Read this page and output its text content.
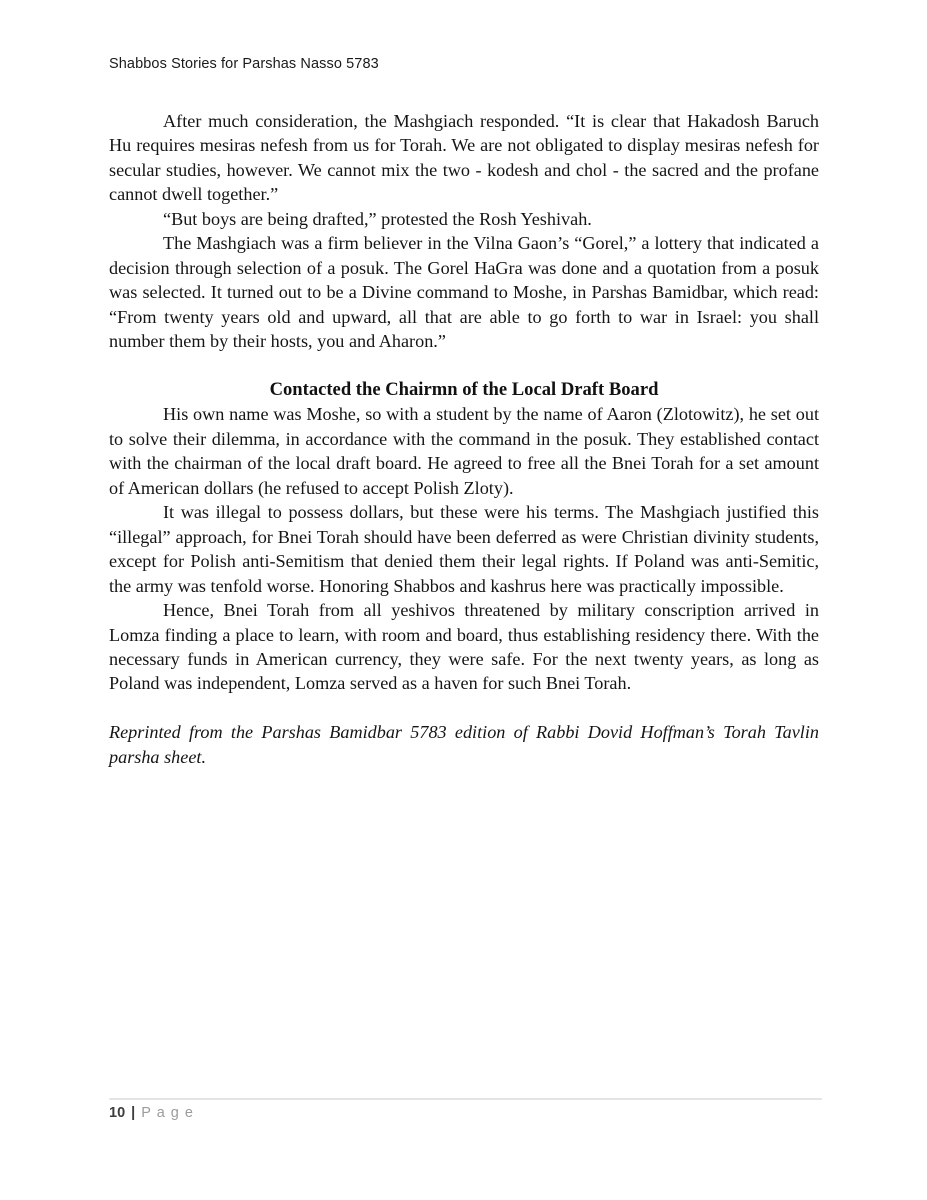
Shabbos Stories for Parshas Nasso 5783

After much consideration, the Mashgiach responded. “It is clear that Hakadosh Baruch Hu requires mesiras nefesh from us for Torah. We are not obligated to display mesiras nefesh for secular studies, however. We cannot mix the two - kodesh and chol - the sacred and the profane cannot dwell together.”

“But boys are being drafted,” protested the Rosh Yeshivah.

The Mashgiach was a firm believer in the Vilna Gaon’s “Gorel,” a lottery that indicated a decision through selection of a posuk. The Gorel HaGra was done and a quotation from a posuk was selected. It turned out to be a Divine command to Moshe, in Parshas Bamidbar, which read: “From twenty years old and upward, all that are able to go forth to war in Israel: you shall number them by their hosts, you and Aharon.”

Contacted the Chairmn of the Local Draft Board

His own name was Moshe, so with a student by the name of Aaron (Zlotowitz), he set out to solve their dilemma, in accordance with the command in the posuk. They established contact with the chairman of the local draft board. He agreed to free all the Bnei Torah for a set amount of American dollars (he refused to accept Polish Zloty).

It was illegal to possess dollars, but these were his terms. The Mashgiach justified this “illegal” approach, for Bnei Torah should have been deferred as were Christian divinity students, except for Polish anti-Semitism that denied them their legal rights. If Poland was anti-Semitic, the army was tenfold worse. Honoring Shabbos and kashrus here was practically impossible.

Hence, Bnei Torah from all yeshivos threatened by military conscription arrived in Lomza finding a place to learn, with room and board, thus establishing residency there. With the necessary funds in American currency, they were safe. For the next twenty years, as long as Poland was independent, Lomza served as a haven for such Bnei Torah.

Reprinted from the Parshas Bamidbar 5783 edition of Rabbi Dovid Hoffman’s Torah Tavlin parsha sheet.

10 | P a g e
